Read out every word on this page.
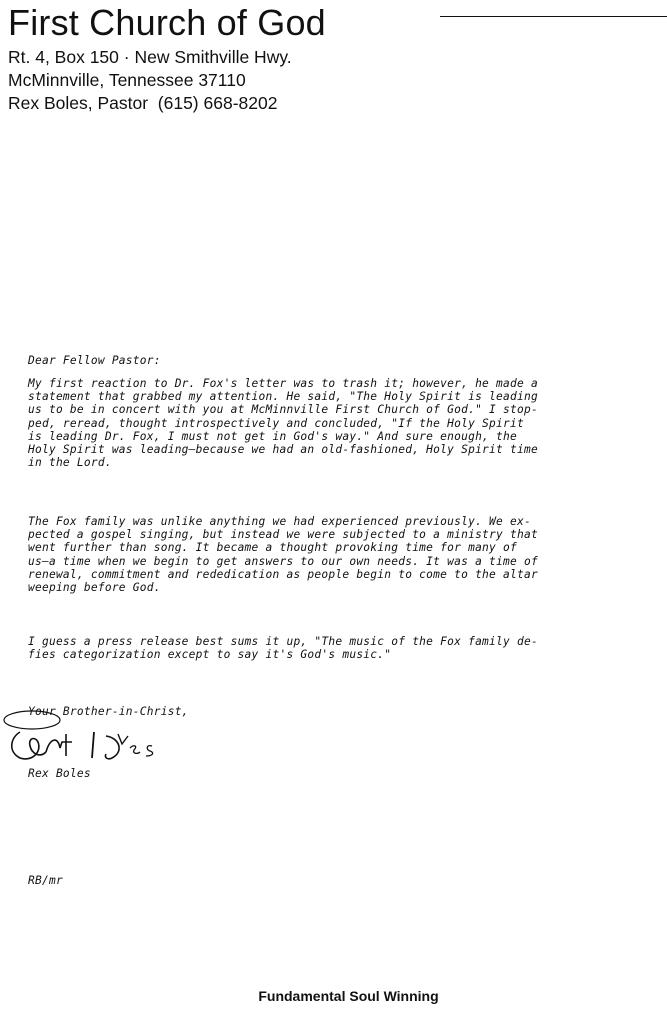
First Church of God
Rt. 4, Box 150 · New Smithville Hwy.
McMinnville, Tennessee 37110
Rex Boles, Pastor  (615) 668-8202
Dear Fellow Pastor:
My first reaction to Dr. Fox's letter was to trash it; however, he made a
statement that grabbed my attention. He said, "The Holy Spirit is leading
us to be in concert with you at McMinnville First Church of God." I stop-
ped, reread, thought introspectively and concluded, "If the Holy Spirit
is leading Dr. Fox, I must not get in God's way." And sure enough, the
Holy Spirit was leading—because we had an old-fashioned, Holy Spirit time
in the Lord.
The Fox family was unlike anything we had experienced previously. We ex-
pected a gospel singing, but instead we were subjected to a ministry that
went further than song. It became a thought provoking time for many of
us—a time when we begin to get answers to our own needs. It was a time of
renewal, commitment and rededication as people begin to come to the altar
weeping before God.
I guess a press release best sums it up, "The music of the Fox family de-
fies categorization except to say it's God's music."
Your Brother-in-Christ,
Rex Boles
RB/mr
Fundamental Soul Winning
